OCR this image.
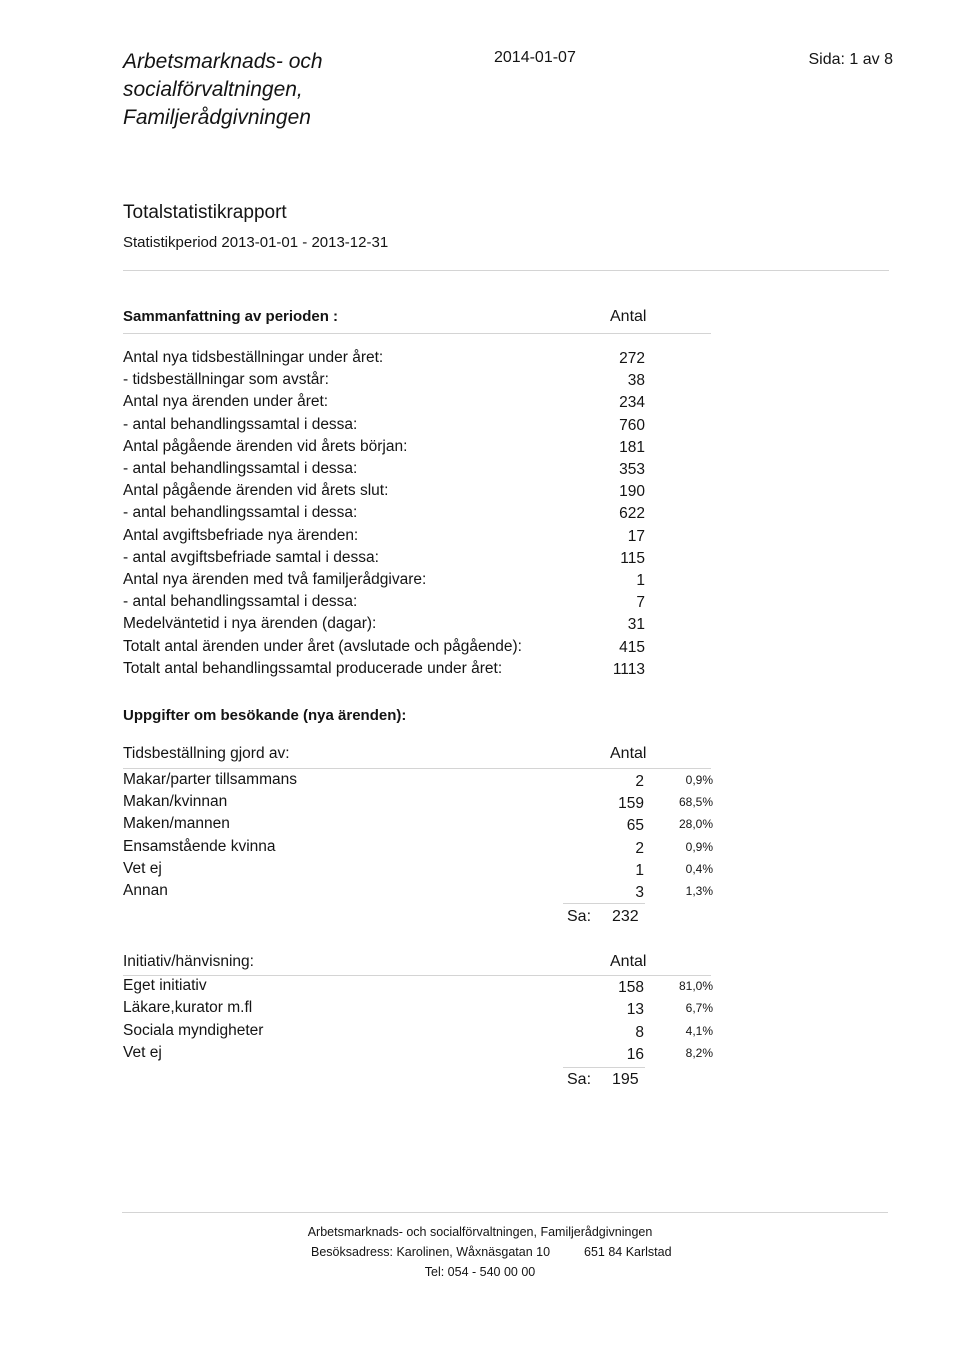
Arbetsmarknads- och
socialförvaltningen,
Familjerådgivningen
2014-01-07	Sida: 1 av 8
Totalstatistikrapport
Statistikperiod 2013-01-01 - 2013-12-31
Sammanfattning av perioden :	Antal
Antal nya tidsbeställningar under året:	272
- tidsbeställningar som avstår:	38
Antal nya ärenden under året:	234
- antal behandlingssamtal i dessa:	760
Antal pågående ärenden vid årets början:	181
- antal behandlingssamtal i dessa:	353
Antal pågående ärenden vid årets slut:	190
- antal behandlingssamtal i dessa:	622
Antal avgiftsbefriade nya ärenden:	17
- antal avgiftsbefriade samtal i dessa:	115
Antal nya ärenden med två familjerådgivare:	1
- antal behandlingssamtal i dessa:	7
Medelväntetid i nya ärenden (dagar):	31
Totalt antal ärenden under året (avslutade och pågående):	415
Totalt antal behandlingssamtal producerade under året:	1113
Uppgifter om besökande (nya ärenden):
Tidsbeställning gjord av:	Antal
Makar/parter tillsammans	2	0,9%
Makan/kvinnan	159	68,5%
Maken/mannen	65	28,0%
Ensamstående kvinna	2	0,9%
Vet ej	1	0,4%
Annan	3	1,3%
Sa: 232
Initiativ/hänvisning:	Antal
Eget initiativ	158	81,0%
Läkare,kurator m.fl	13	6,7%
Sociala myndigheter	8	4,1%
Vet ej	16	8,2%
Sa: 195
Arbetsmarknads- och socialförvaltningen, Familjerådgivningen
Besöksadress: Karolinen, Wåxnäsgatan 10	651 84 Karlstad
Tel: 054 - 540 00 00
